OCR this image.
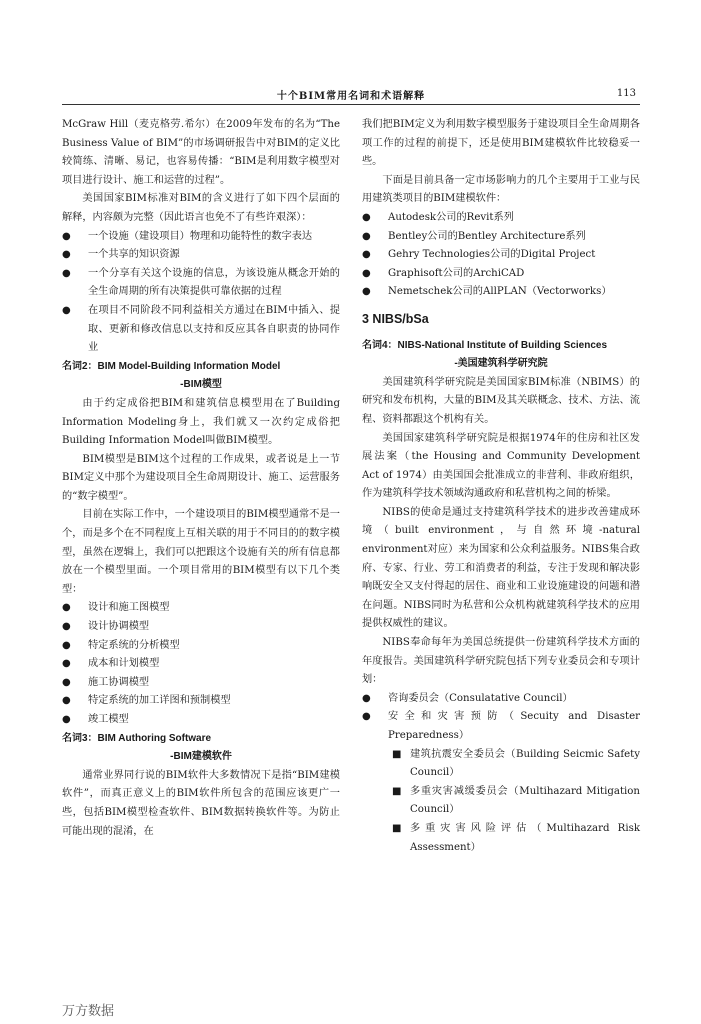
十个BIM常用名词和术语解释	113

McGraw Hill（麦克格劳.希尔）在2009年发布的名为“The Business Value of BIM”的市场调研报告中对BIM的定义比较简练、清晰、易记，也容易传播：“BIM是利用数字模型对项目进行设计、施工和运营的过程”。

美国国家BIM标准对BIM的含义进行了如下四个层面的解释，内容颇为完整（因此语言也免不了有些许艰深）：

● 一个设施（建设项目）物理和功能特性的数字表达
● 一个共享的知识资源
● 一个分享有关这个设施的信息，为该设施从概念开始的全生命周期的所有决策提供可靠依据的过程
● 在项目不同阶段不同利益相关方通过在BIM中插入、提取、更新和修改信息以支持和反应其各自职责的协同作业

名词2：BIM Model-Building Information Model

-BIM模型

由于约定成俗把BIM和建筑信息模型用在了Building Information Modeling身上，我们就又一次约定成俗把Building Information Model叫做BIM模型。

BIM模型是BIM这个过程的工作成果，或者说是上一节BIM定义中那个为建设项目全生命周期设计、施工、运营服务的“数字模型”。

目前在实际工作中，一个建设项目的BIM模型通常不是一个，而是多个在不同程度上互相关联的用于不同目的的数字模型，虽然在逻辑上，我们可以把跟这个设施有关的所有信息都放在一个模型里面。一个项目常用的BIM模型有以下几个类型：

● 设计和施工图模型
● 设计协调模型
● 特定系统的分析模型
● 成本和计划模型
● 施工协调模型
● 特定系统的加工详图和预制模型
● 竣工模型

名词3：BIM Authoring Software

-BIM建模软件

通常业界同行说的BIM软件大多数情况下是指“BIM建模软件”，而真正意义上的BIM软件所包含的范围应该更广一些，包括BIM模型检查软件、BIM数据转换软件等。为防止可能出现的混淆，在

我们把BIM定义为利用数字模型服务于建设项目全生命周期各项工作的过程的前提下，还是使用BIM建模软件比较稳妥一些。

下面是目前具备一定市场影响力的几个主要用于工业与民用建筑类项目的BIM建模软件：

● Autodesk公司的Revit系列
● Bentley公司的Bentley Architecture系列
● Gehry Technologies公司的Digital Project
● Graphisoft公司的ArchiCAD
● Nemetschek公司的AllPLAN（Vectorworks）

3 NIBS/bSa

名词4：NIBS-National Institute of Building Sciences

-美国建筑科学研究院

美国建筑科学研究院是美国国家BIM标准（NBIMS）的研究和发布机构，大量的BIM及其关联概念、技术、方法、流程、资料都跟这个机构有关。

美国国家建筑科学研究院是根据1974年的住房和社区发展法案（the Housing and Community Development Act of 1974）由美国国会批准成立的非营利、非政府组织，作为建筑科学技术领域沟通政府和私营机构之间的桥梁。

NIBS的使命是通过支持建筑科学技术的进步改善建成环境（built environment，与自然环境-natural environment对应）来为国家和公众利益服务。NIBS集合政府、专家、行业、劳工和消费者的利益，专注于发现和解决影响既安全又支付得起的居住、商业和工业设施建设的问题和潜在问题。NIBS同时为私营和公众机构就建筑科学技术的应用提供权威性的建议。

NIBS奉命每年为美国总统提供一份建筑科学技术方面的年度报告。美国建筑科学研究院包括下列专业委员会和专项计划：

● 咨询委员会（Consulatative Council）
● 安全和灾害预防（Secuity and Disaster Preparedness）
■ 建筑抗震安全委员会（Building Seicmic Safety Council）
■ 多重灾害减缓委员会（Multihazard Mitigation Council）
■ 多重灾害风险评估（Multihazard Risk Assessment）
万方数据
